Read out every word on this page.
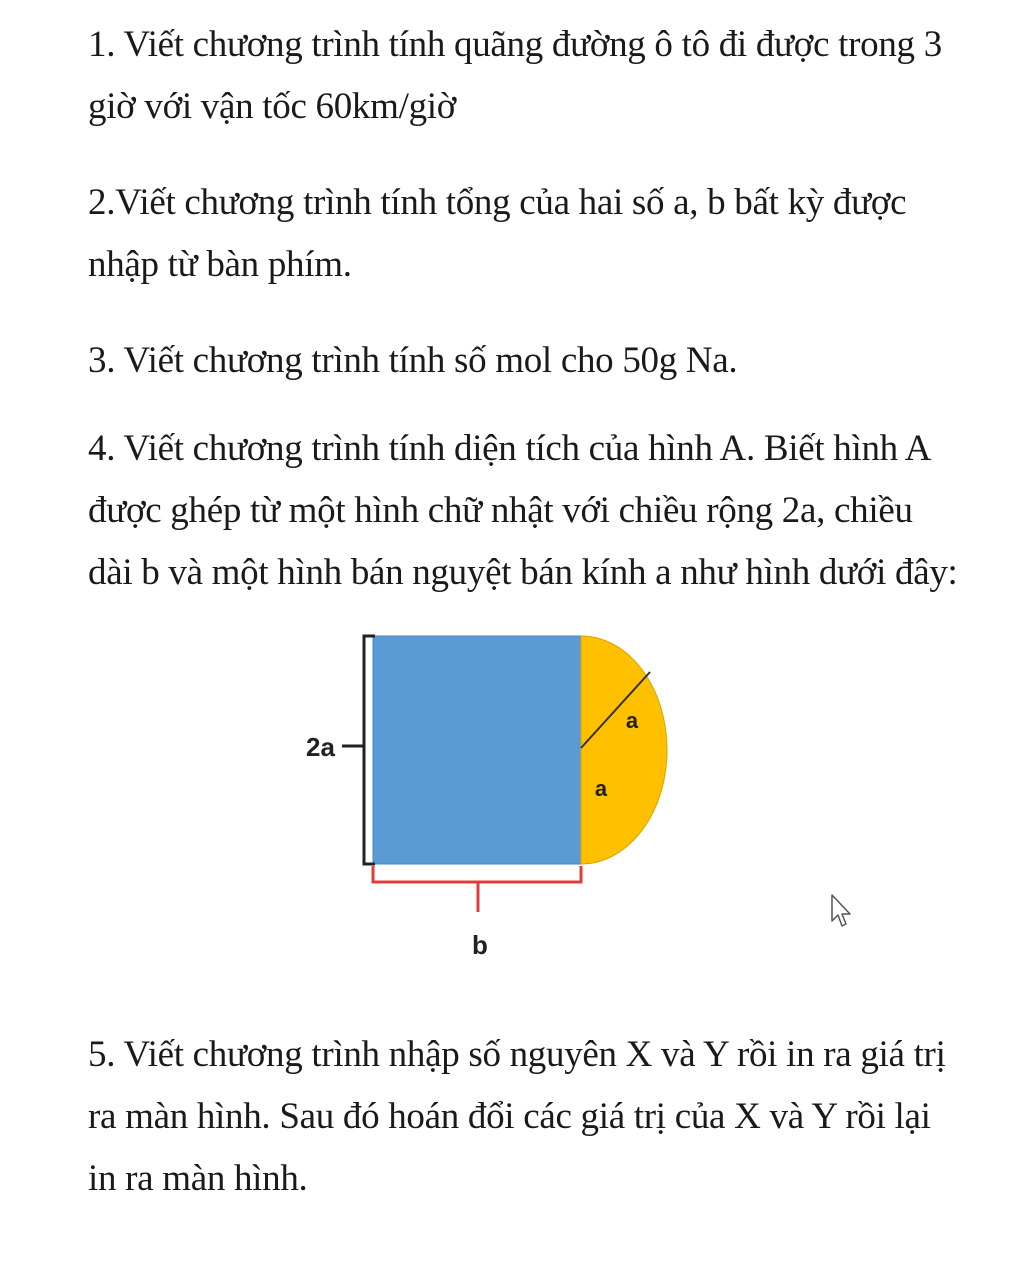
1. Viết chương trình tính quãng đường ô tô đi được trong 3 giờ với vận tốc 60km/giờ

2.Viết chương trình tính tổng của hai số a, b bất kỳ được nhập từ bàn phím.

3. Viết chương trình tính số mol cho 50g Na.

4. Viết chương trình tính diện tích của hình A. Biết hình A được ghép từ một hình chữ nhật với chiều rộng 2a, chiều dài b và một hình bán nguyệt bán kính a như hình dưới đây:

5. Viết chương trình nhập số nguyên X và Y rồi in ra giá trị ra màn hình. Sau đó hoán đổi các giá trị của X và Y rồi lại in ra màn hình.

2a
b
a
a
